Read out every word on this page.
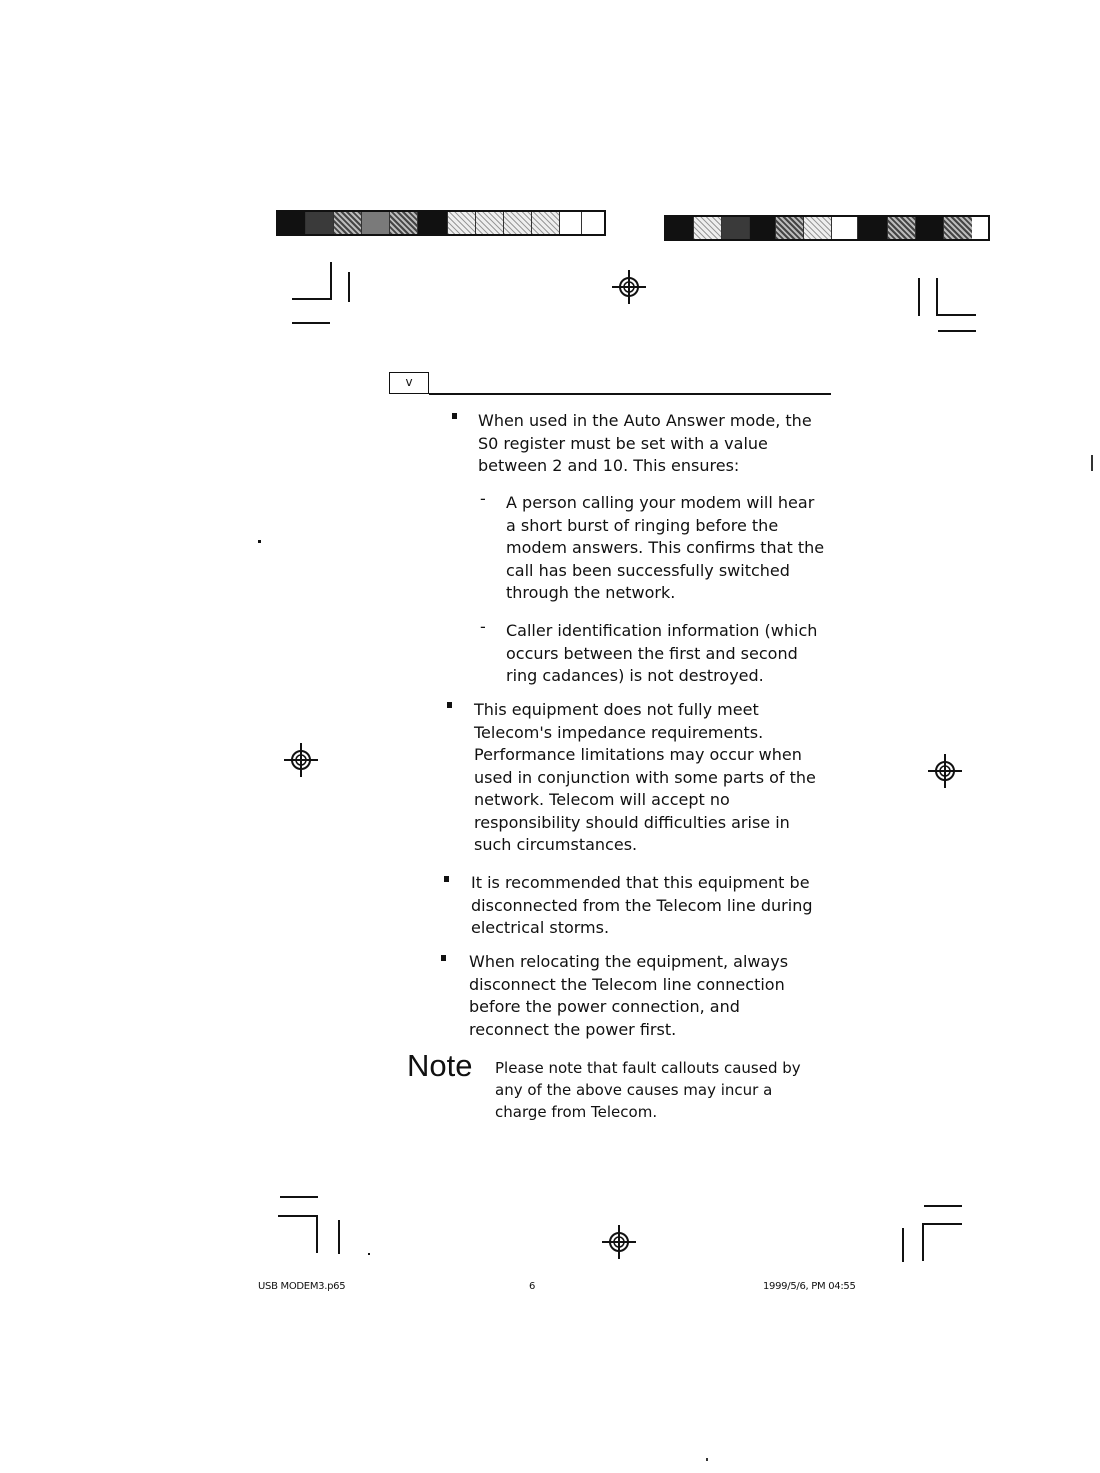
v
When used in the Auto Answer mode, the
S0 register must be set with a value
between 2 and 10. This ensures:
- A person calling your modem will hear
a short burst of ringing before the
modem answers. This confirms that the
call has been successfully switched
through the network.
- Caller identification information (which
occurs between the first and second
ring cadances) is not destroyed.
This equipment does not fully meet
Telecom's impedance requirements.
Performance limitations may occur when
used in conjunction with some parts of the
network. Telecom will accept no
responsibility should difficulties arise in
such circumstances.
It is recommended that this equipment be
disconnected from the Telecom line during
electrical storms.
When relocating the equipment, always
disconnect the Telecom line connection
before the power connection, and
reconnect the power first.
Note Please note that fault callouts caused by
any of the above causes may incur a
charge from Telecom.
USB MODEM3.p65	6	1999/5/6, PM 04:55
